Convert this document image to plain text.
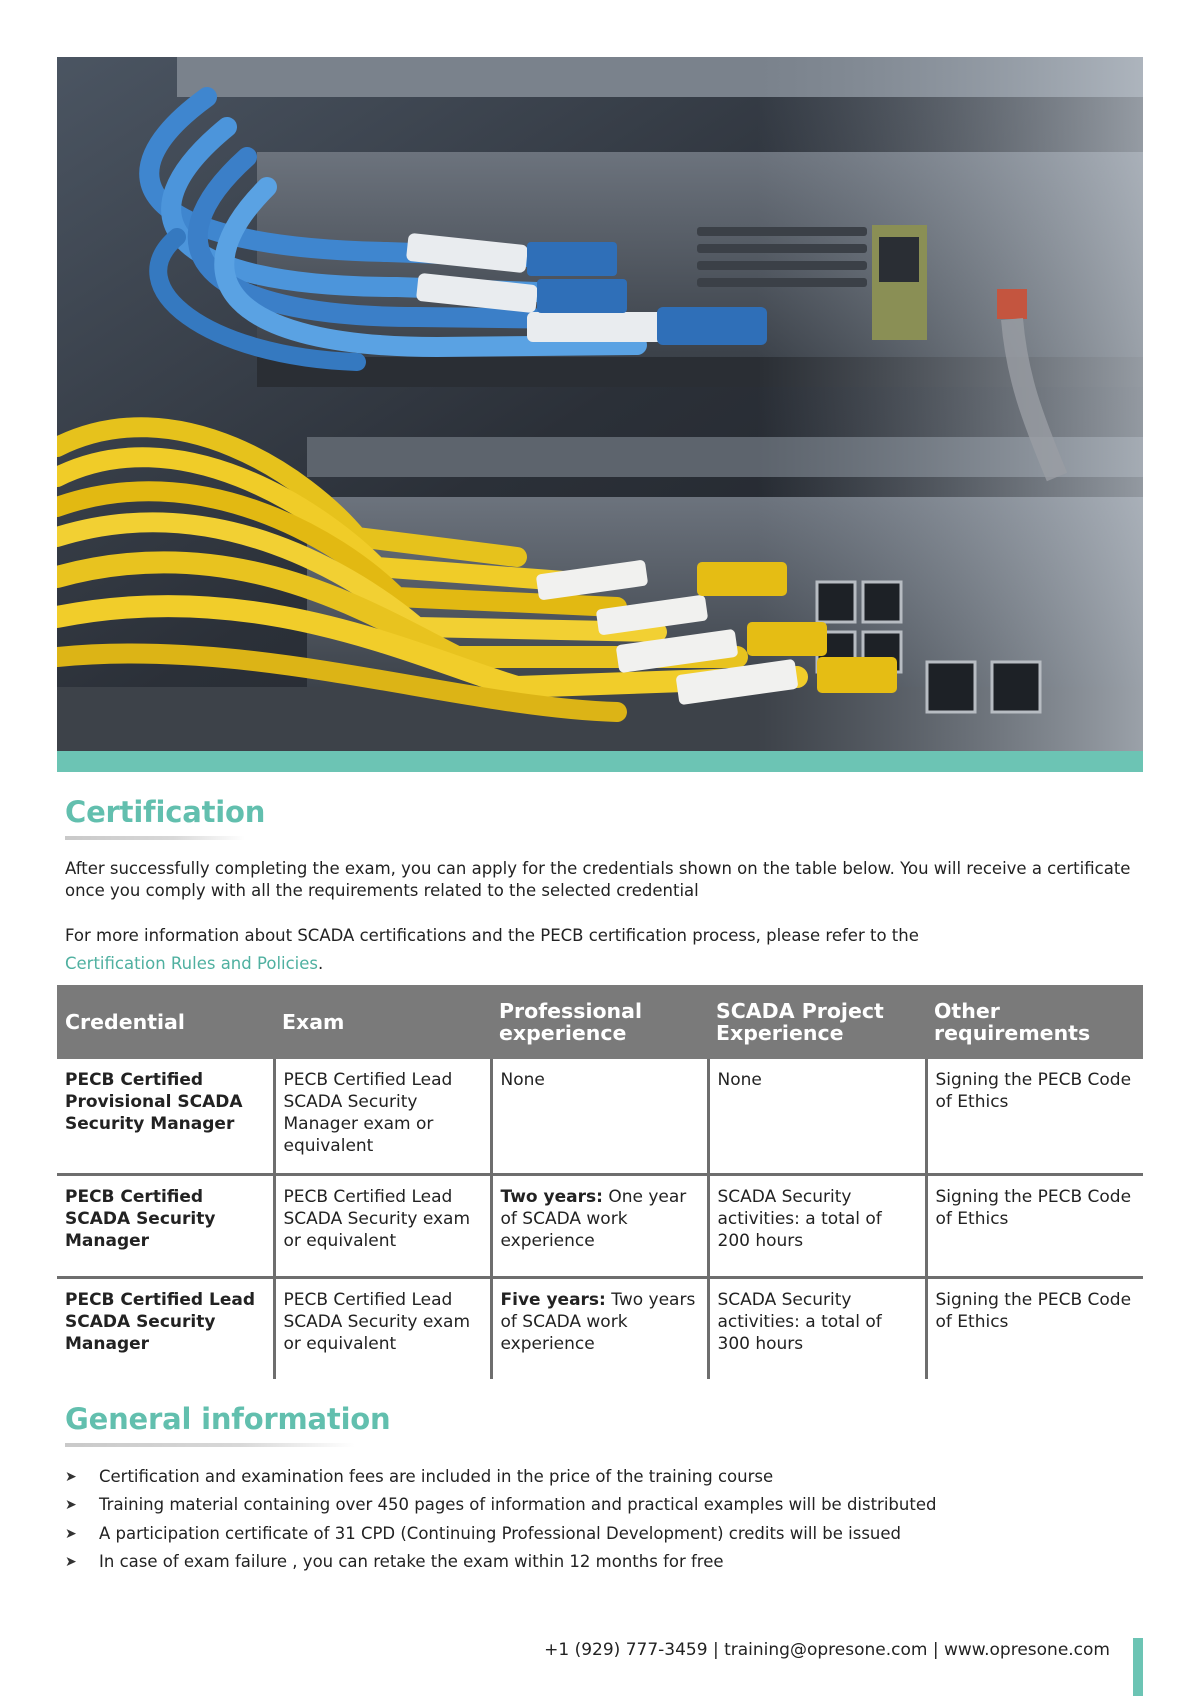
Certification

After successfully completing the exam, you can apply for the credentials shown on the table below. You will receive a certificate once you comply with all the requirements related to the selected credential

For more information about SCADA certifications and the PECB certification process, please refer to the
Certification Rules and Policies.

Credential	Exam	Professional experience	SCADA Project Experience	Other requirements
PECB Certified Provisional SCADA Security Manager	PECB Certified Lead SCADA Security Manager exam or equivalent	None	None	Signing the PECB Code of Ethics
PECB Certified SCADA Security Manager	PECB Certified Lead SCADA Security exam or equivalent	Two years: One year of SCADA work experience	SCADA Security activities: a total of 200 hours	Signing the PECB Code of Ethics
PECB Certified Lead SCADA Security Manager	PECB Certified Lead SCADA Security exam or equivalent	Five years: Two years of SCADA work experience	SCADA Security activities: a total of 300 hours	Signing the PECB Code of Ethics
General information
➤	Certification and examination fees are included in the price of the training course
➤	Training material containing over 450 pages of information and practical examples will be distributed
➤	A participation certificate of 31 CPD (Continuing Professional Development) credits will be issued
➤	In case of exam failure , you can retake the exam within 12 months for free

+1 (929) 777-3459 | training@opresone.com | www.opresone.com
